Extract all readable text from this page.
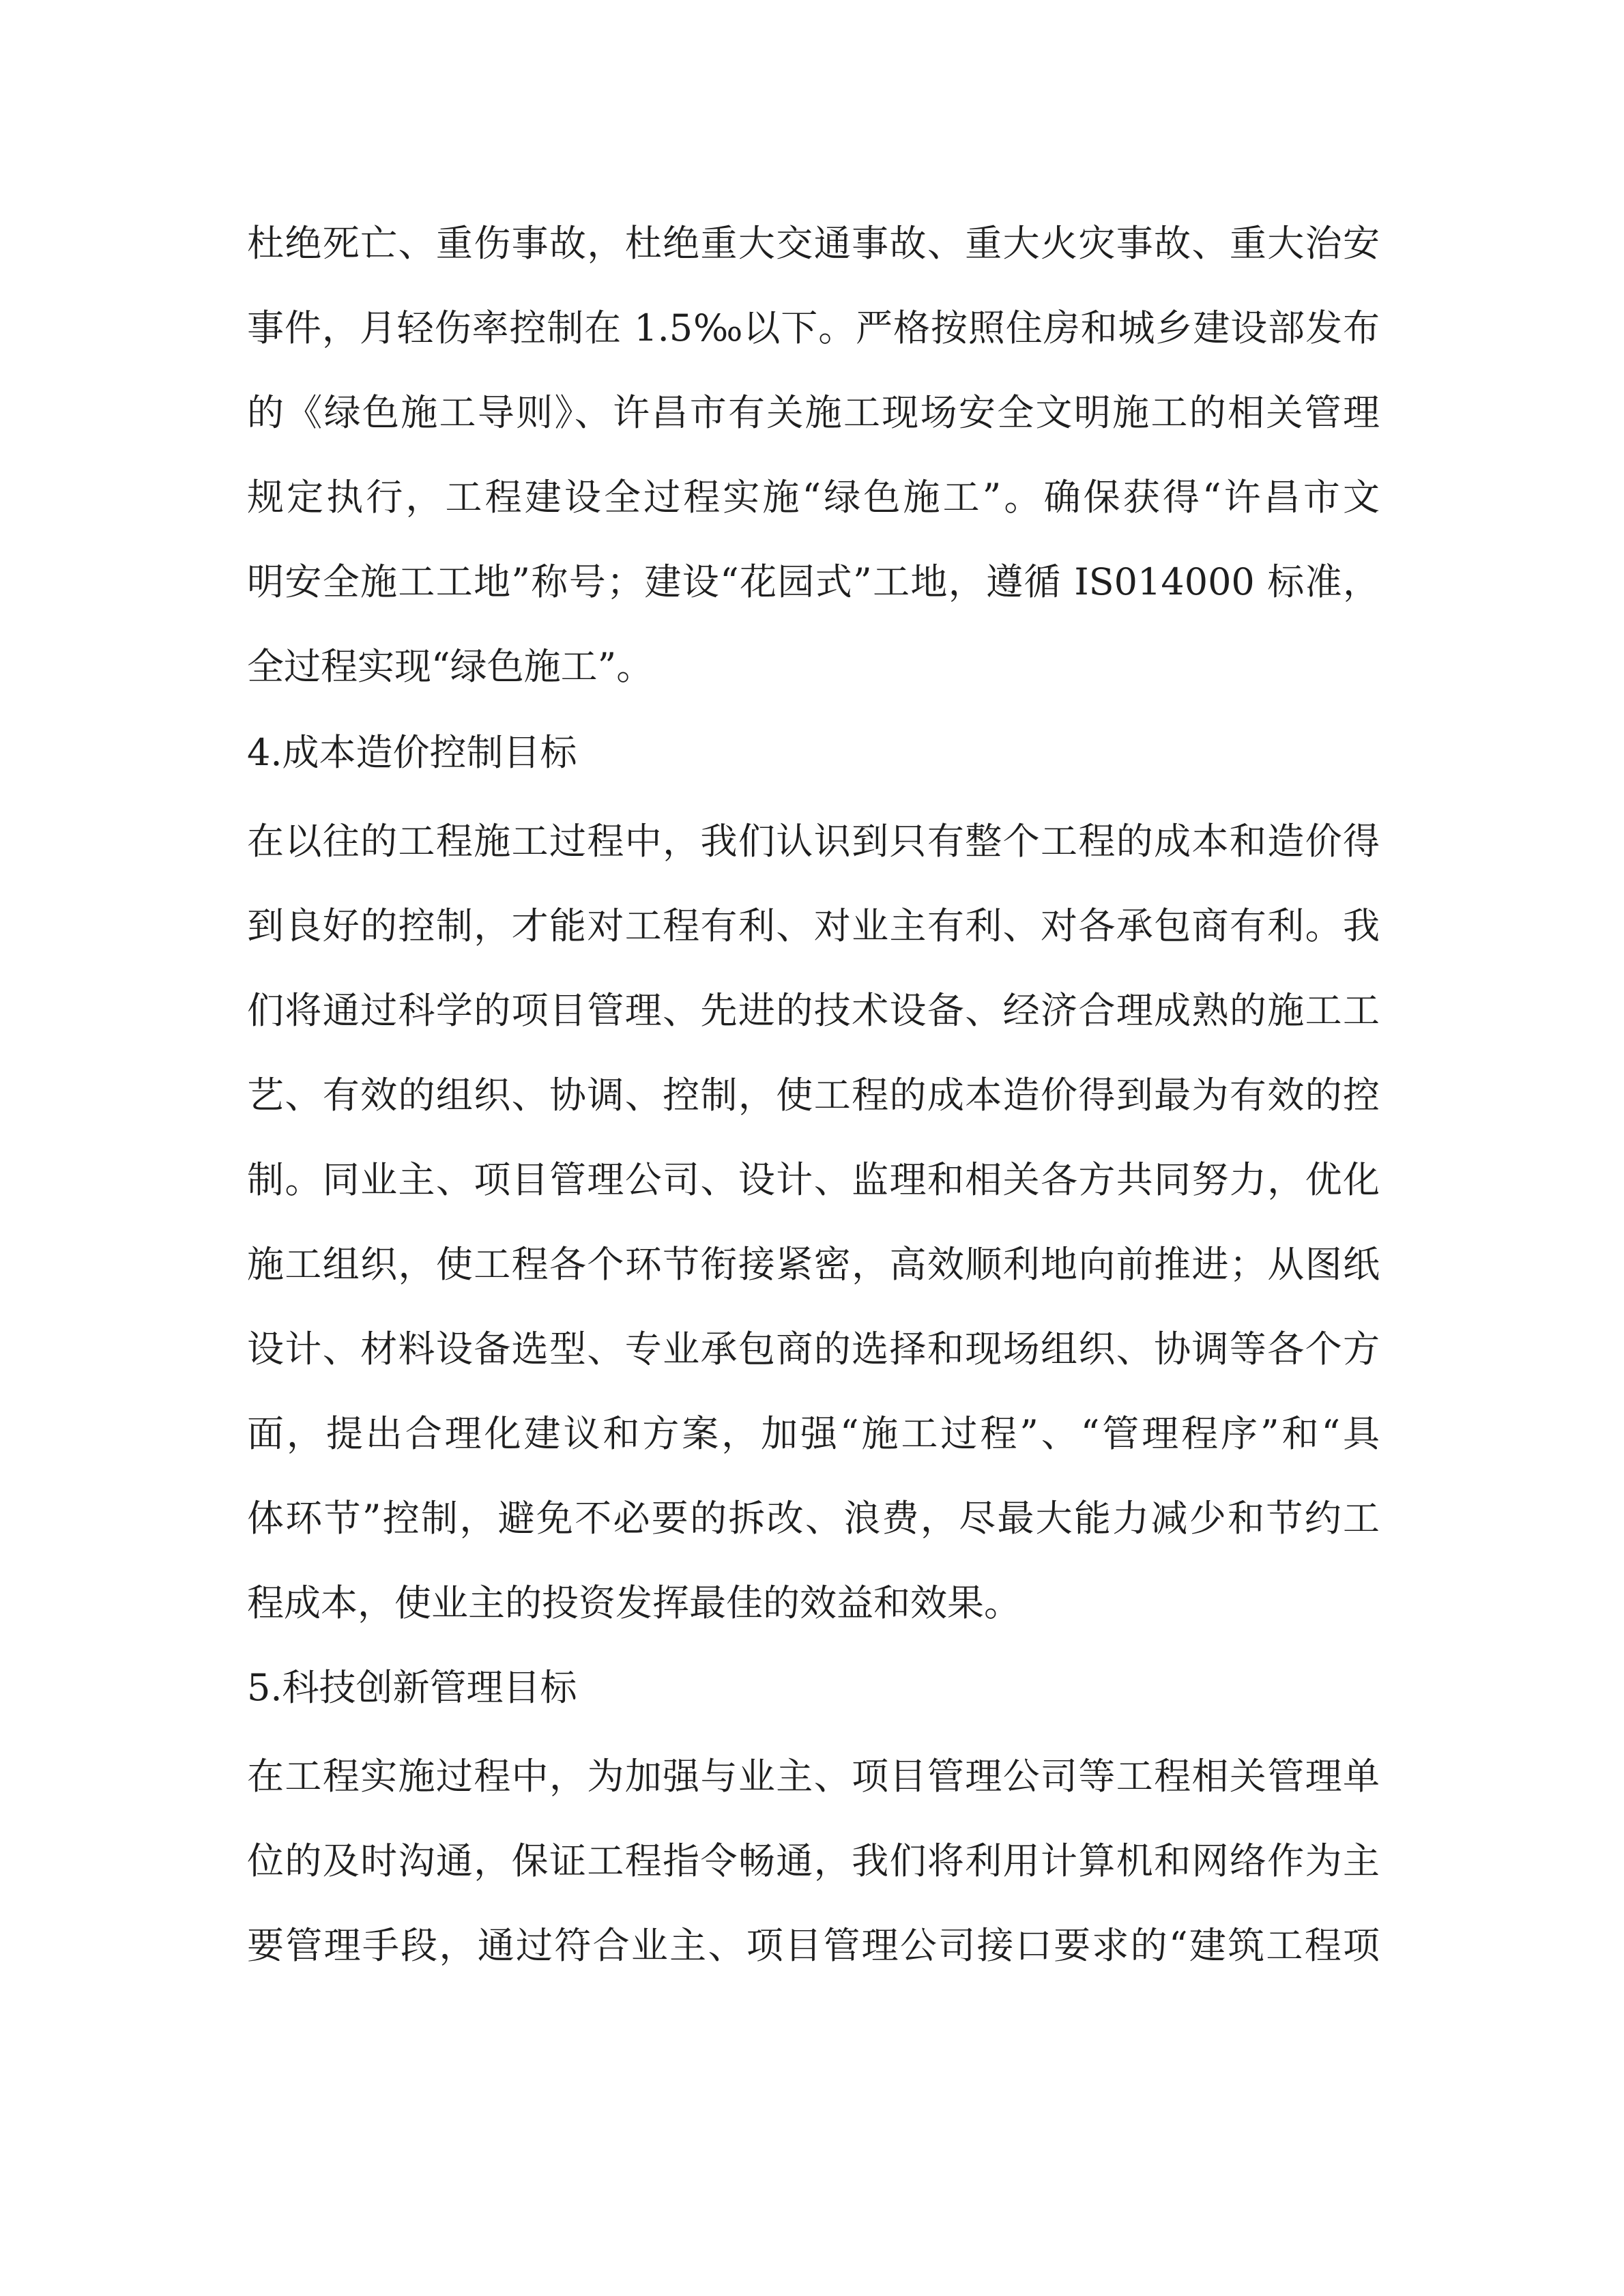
杜绝死亡、重伤事故，杜绝重大交通事故、重大火灾事故、重大治安
事件，月轻伤率控制在 1.5‰以下。严格按照住房和城乡建设部发布
的《绿色施工导则》、许昌市有关施工现场安全文明施工的相关管理
规定执行，工程建设全过程实施“绿色施工”。确保获得“许昌市文
明安全施工工地”称号；建设“花园式”工地，遵循 IS014000 标准，
全过程实现“绿色施工”。
4.成本造价控制目标
在以往的工程施工过程中，我们认识到只有整个工程的成本和造价得
到良好的控制，才能对工程有利、对业主有利、对各承包商有利。我
们将通过科学的项目管理、先进的技术设备、经济合理成熟的施工工
艺、有效的组织、协调、控制，使工程的成本造价得到最为有效的控
制。同业主、项目管理公司、设计、监理和相关各方共同努力，优化
施工组织，使工程各个环节衔接紧密，高效顺利地向前推进；从图纸
设计、材料设备选型、专业承包商的选择和现场组织、协调等各个方
面，提出合理化建议和方案，加强“施工过程”、“管理程序”和“具
体环节”控制，避免不必要的拆改、浪费，尽最大能力减少和节约工
程成本，使业主的投资发挥最佳的效益和效果。
5.科技创新管理目标
在工程实施过程中，为加强与业主、项目管理公司等工程相关管理单
位的及时沟通，保证工程指令畅通，我们将利用计算机和网络作为主
要管理手段，通过符合业主、项目管理公司接口要求的“建筑工程项
